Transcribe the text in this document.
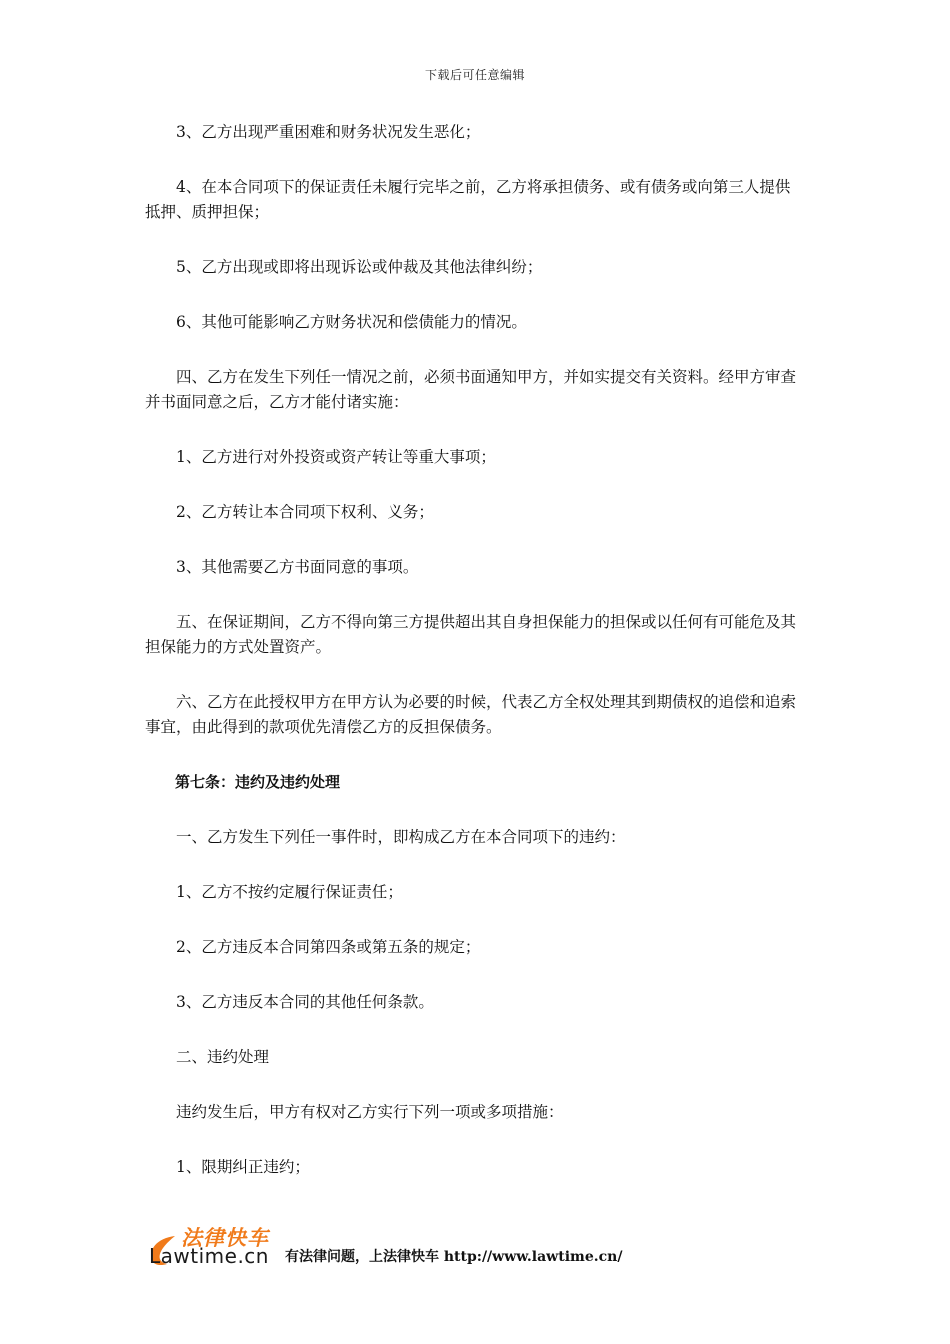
下载后可任意编辑

3、乙方出现严重困难和财务状况发生恶化；

4、在本合同项下的保证责任未履行完毕之前，乙方将承担债务、或有债务或向第三人提供抵押、质押担保；

5、乙方出现或即将出现诉讼或仲裁及其他法律纠纷；

6、其他可能影响乙方财务状况和偿债能力的情况。

四、乙方在发生下列任一情况之前，必须书面通知甲方，并如实提交有关资料。经甲方审查并书面同意之后，乙方才能付诸实施：

1、乙方进行对外投资或资产转让等重大事项；

2、乙方转让本合同项下权利、义务；

3、其他需要乙方书面同意的事项。

五、在保证期间，乙方不得向第三方提供超出其自身担保能力的担保或以任何有可能危及其担保能力的方式处置资产。

六、乙方在此授权甲方在甲方认为必要的时候，代表乙方全权处理其到期债权的追偿和追索事宜，由此得到的款项优先清偿乙方的反担保债务。

第七条：违约及违约处理

一、乙方发生下列任一事件时，即构成乙方在本合同项下的违约：

1、乙方不按约定履行保证责任；

2、乙方违反本合同第四条或第五条的规定；

3、乙方违反本合同的其他任何条款。

二、违约处理

违约发生后，甲方有权对乙方实行下列一项或多项措施：

1、限期纠正违约；

法律快车
Lawtime.cn 有法律问题，上法律快车 http://www.lawtime.cn/
